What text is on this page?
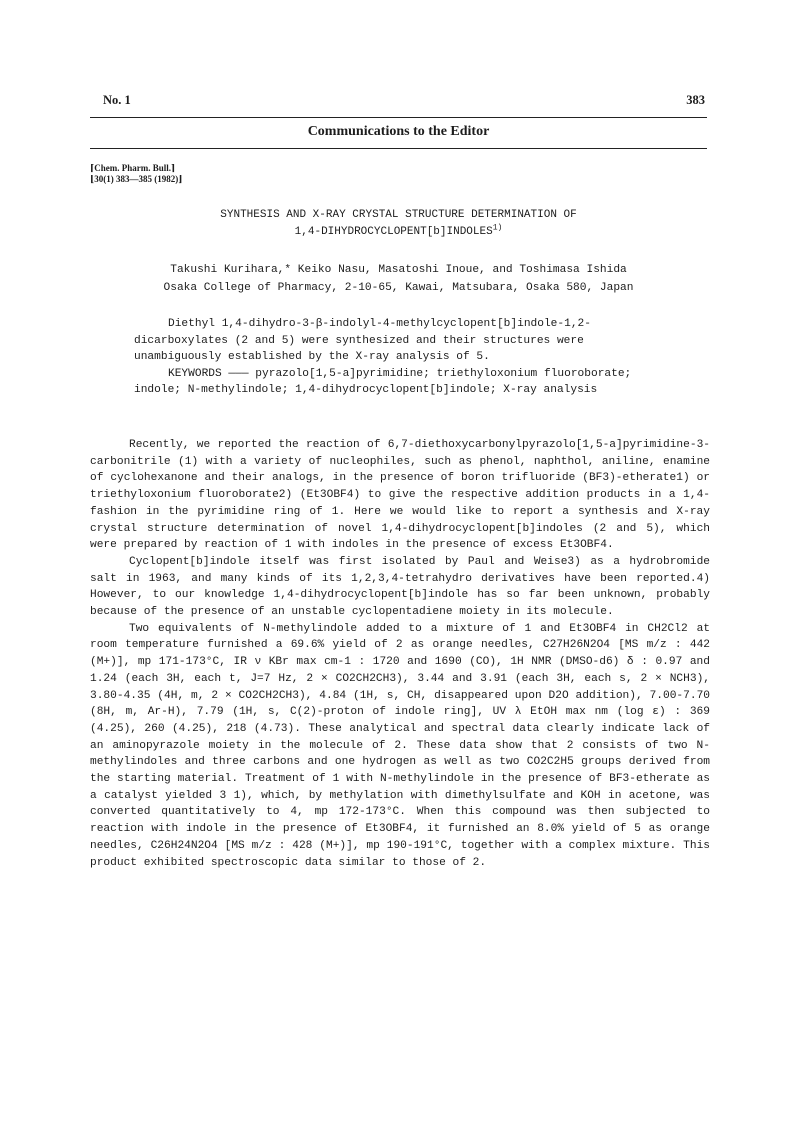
No. 1	383
Communications to the Editor
⌈Chem. Pharm. Bull.⌉
⌊30(1) 383—385 (1982)⌋
SYNTHESIS AND X-RAY CRYSTAL STRUCTURE DETERMINATION OF
1,4-DIHYDROCYCLOPENT[b]INDOLES$^{1)}$
Takushi Kurihara,* Keiko Nasu, Masatoshi Inoue, and Toshimasa Ishida
Osaka College of Pharmacy, 2-10-65, Kawai, Matsubara, Osaka 580, Japan

Diethyl 1,4-dihydro-3-β-indolyl-4-methylcyclopent[b]indole-1,2-dicarboxylates (2 and 5) were synthesized and their structures were unambiguously established by the X-ray analysis of 5.

KEYWORDS ——— pyrazolo[1,5-a]pyrimidine; triethyloxonium fluoroborate; indole; N-methylindole; 1,4-dihydrocyclopent[b]indole; X-ray analysis

Recently, we reported the reaction of 6,7-diethoxycarbonylpyrazolo[1,5-a]pyrimidine-3-carbonitrile (1) with a variety of nucleophiles, such as phenol, naphthol, aniline, enamine of cyclohexanone and their analogs, in the presence of boron trifluoride (BF3)-etherate1) or triethyloxonium fluoroborate2) (Et3OBF4) to give the respective addition products in a 1,4-fashion in the pyrimidine ring of 1. Here we would like to report a synthesis and X-ray crystal structure determination of novel 1,4-dihydrocyclopent[b]indoles (2 and 5), which were prepared by reaction of 1 with indoles in the presence of excess Et3OBF4.

Cyclopent[b]indole itself was first isolated by Paul and Weise3) as a hydrobromide salt in 1963, and many kinds of its 1,2,3,4-tetrahydro derivatives have been reported.4) However, to our knowledge 1,4-dihydrocyclopent[b]indole has so far been unknown, probably because of the presence of an unstable cyclopentadiene moiety in its molecule.

Two equivalents of N-methylindole added to a mixture of 1 and Et3OBF4 in CH2Cl2 at room temperature furnished a 69.6% yield of 2 as orange needles, C27H26N2O4 [MS m/z : 442 (M+)], mp 171-173°C, IR ν KBr max cm-1 : 1720 and 1690 (CO), 1H NMR (DMSO-d6) δ : 0.97 and 1.24 (each 3H, each t, J=7 Hz, 2 × CO2CH2CH3), 3.44 and 3.91 (each 3H, each s, 2 × NCH3), 3.80-4.35 (4H, m, 2 × CO2CH2CH3), 4.84 (1H, s, CH, disappeared upon D2O addition), 7.00-7.70 (8H, m, Ar-H), 7.79 (1H, s, C(2)-proton of indole ring], UV λ EtOH max nm (log ε) : 369 (4.25), 260 (4.25), 218 (4.73). These analytical and spectral data clearly indicate lack of an aminopyrazole moiety in the molecule of 2. These data show that 2 consists of two N-methylindoles and three carbons and one hydrogen as well as two CO2C2H5 groups derived from the starting material. Treatment of 1 with N-methylindole in the presence of BF3-etherate as a catalyst yielded 3 1), which, by methylation with dimethylsulfate and KOH in acetone, was converted quantitatively to 4, mp 172-173°C. When this compound was then subjected to reaction with indole in the presence of Et3OBF4, it furnished an 8.0% yield of 5 as orange needles, C26H24N2O4 [MS m/z : 428 (M+)], mp 190-191°C, together with a complex mixture. This product exhibited spectroscopic data similar to those of 2.
